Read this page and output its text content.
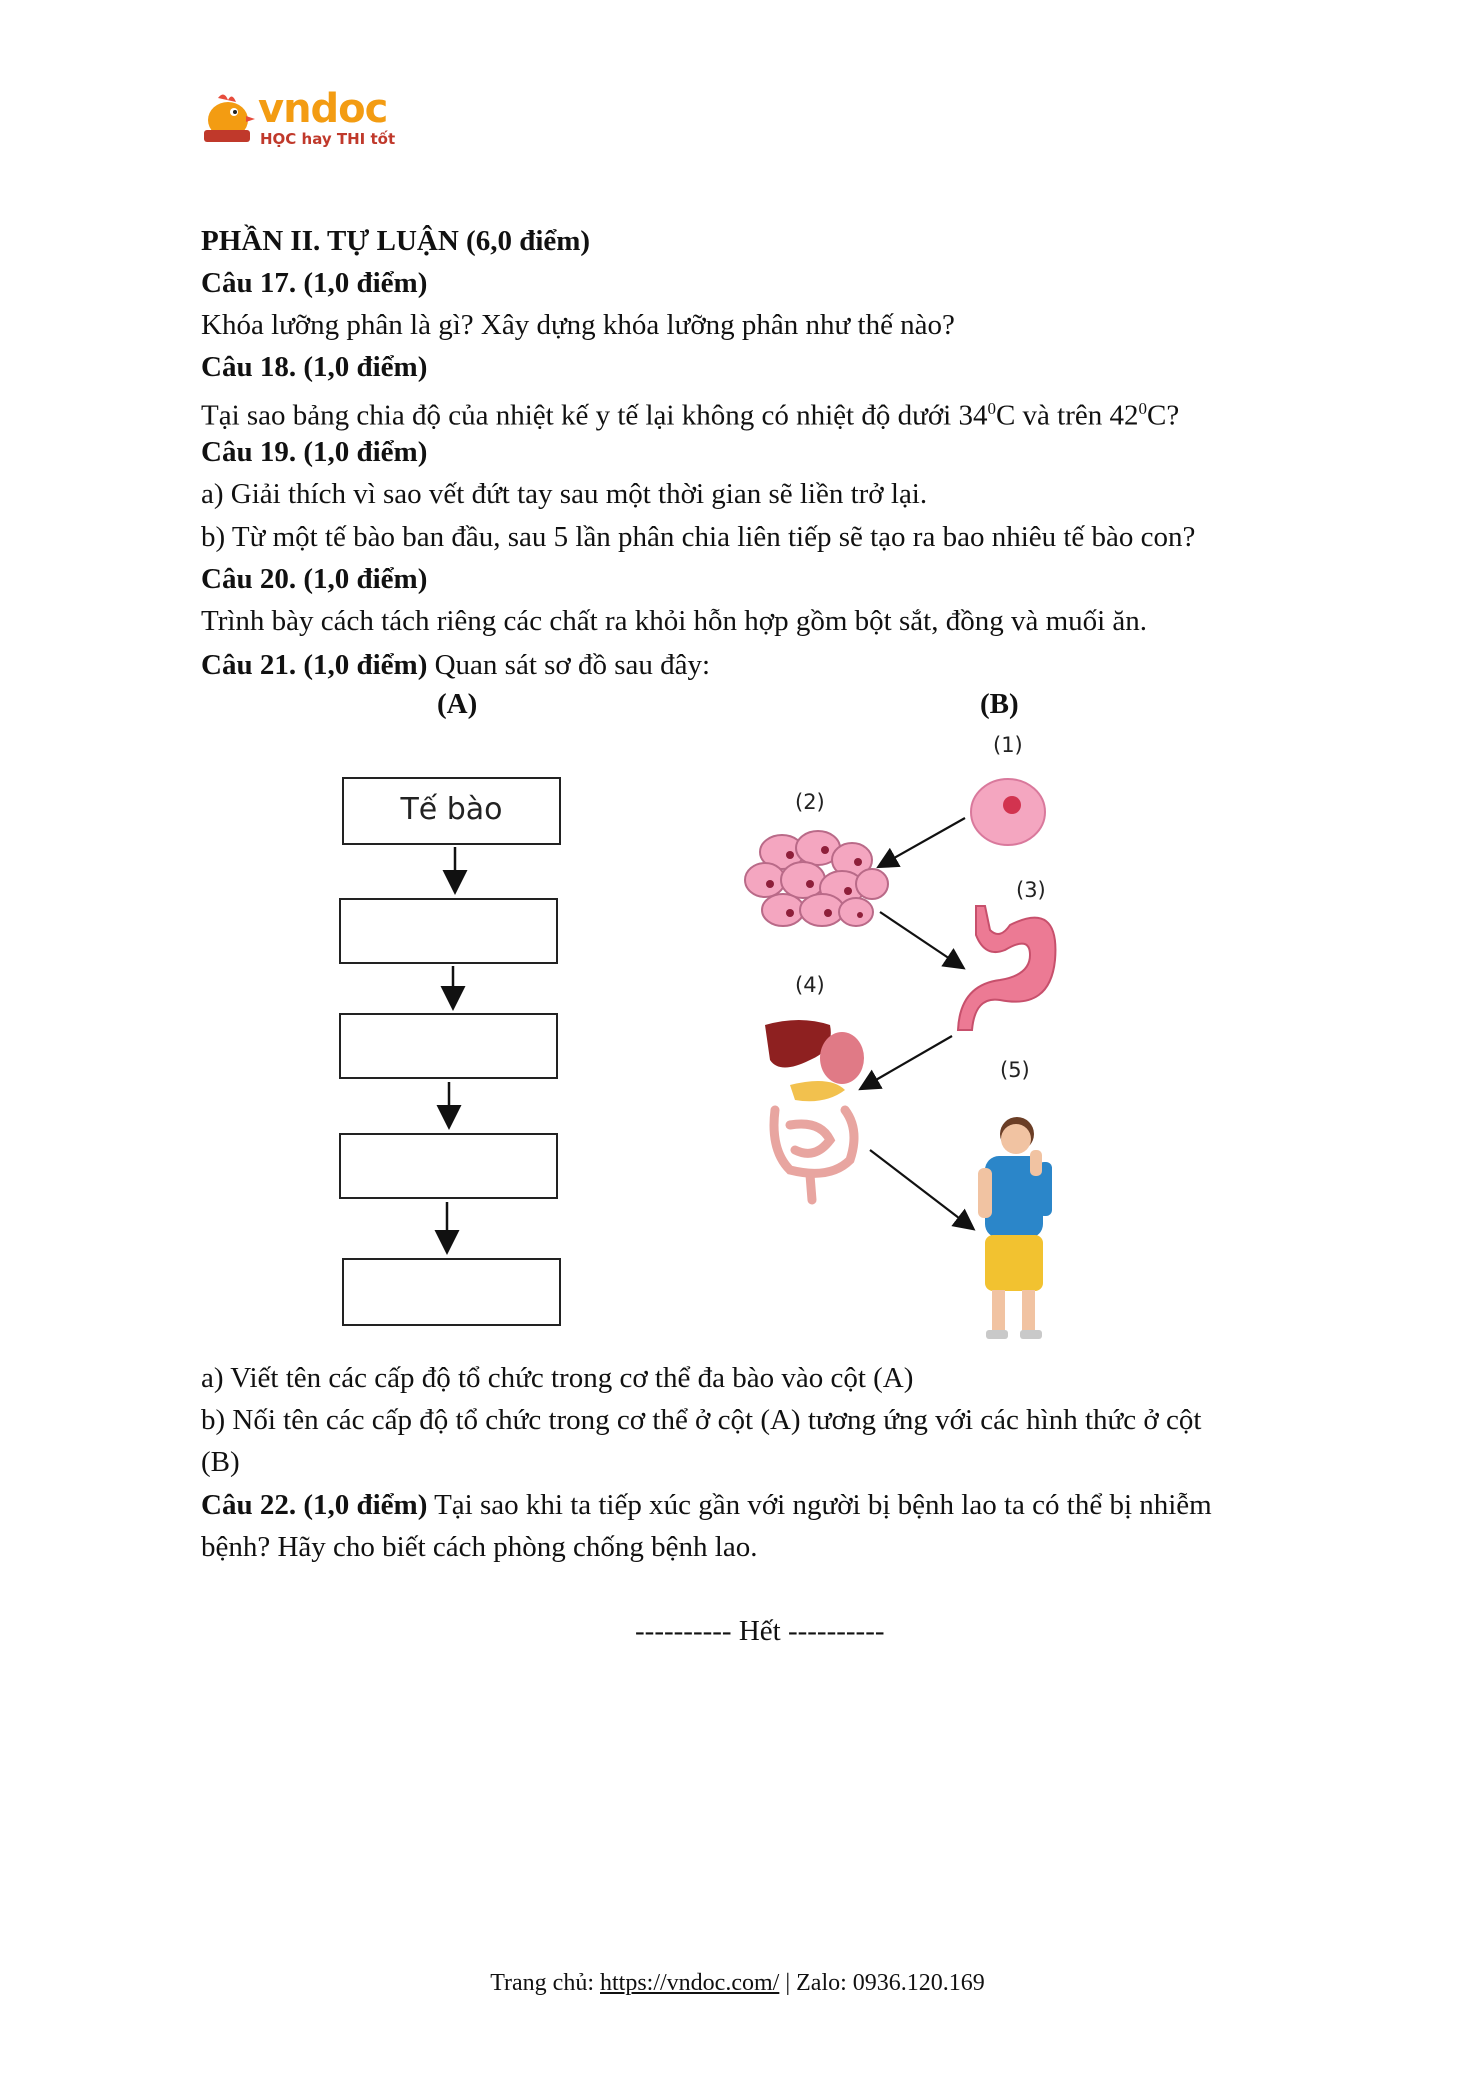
vndoc
HỌC hay THI tốt
PHẦN II. TỰ LUẬN (6,0 điểm)
Câu 17. (1,0 điểm)
Khóa lưỡng phân là gì? Xây dựng khóa lưỡng phân như thế nào?
Câu 18. (1,0 điểm)
Tại sao bảng chia độ của nhiệt kế y tế lại không có nhiệt độ dưới $34^0C$ và trên $42^0C$?
Câu 19. (1,0 điểm)
a) Giải thích vì sao vết đứt tay sau một thời gian sẽ liền trở lại.
b) Từ một tế bào ban đầu, sau 5 lần phân chia liên tiếp sẽ tạo ra bao nhiêu tế bào con?
Câu 20. (1,0 điểm)
Trình bày cách tách riêng các chất ra khỏi hỗn hợp gồm bột sắt, đồng và muối ăn.
Câu 21. (1,0 điểm) Quan sát sơ đồ sau đây:
(A)	(B)
Tế bào
(1)
(2)
(3)
(4)
(5)
a) Viết tên các cấp độ tổ chức trong cơ thể đa bào vào cột (A)
b) Nối tên các cấp độ tổ chức trong cơ thể ở cột (A) tương ứng với các hình thức ở cột
(B)
Câu 22. (1,0 điểm) Tại sao khi ta tiếp xúc gần với người bị bệnh lao ta có thể bị nhiễm
bệnh? Hãy cho biết cách phòng chống bệnh lao.
---------- Hết ----------
Trang chủ: https://vndoc.com/ | Zalo: 0936.120.169
